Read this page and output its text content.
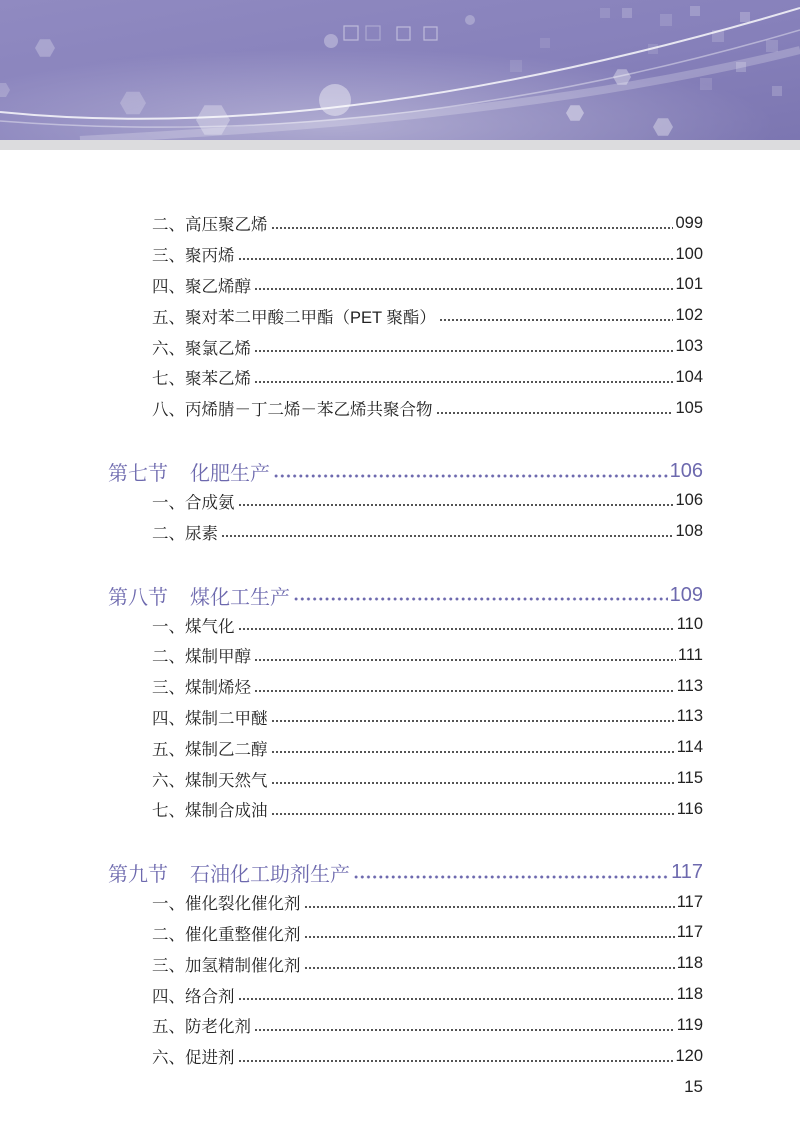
二、高压聚乙烯	099
三、聚丙烯	100
四、聚乙烯醇	101
五、聚对苯二甲酸二甲酯（PET 聚酯）	102
六、聚氯乙烯	103
七、聚苯乙烯	104
八、丙烯腈－丁二烯－苯乙烯共聚合物	105
第七节	化肥生产	106
一、合成氨	106
二、尿素	108
第八节	煤化工生产	109
一、煤气化	110
二、煤制甲醇	111
三、煤制烯烃	113
四、煤制二甲醚	113
五、煤制乙二醇	114
六、煤制天然气	115
七、煤制合成油	116
第九节	石油化工助剂生产	117
一、催化裂化催化剂	117
二、催化重整催化剂	117
三、加氢精制催化剂	118
四、络合剂	118
五、防老化剂	119
六、促进剂	120
15
